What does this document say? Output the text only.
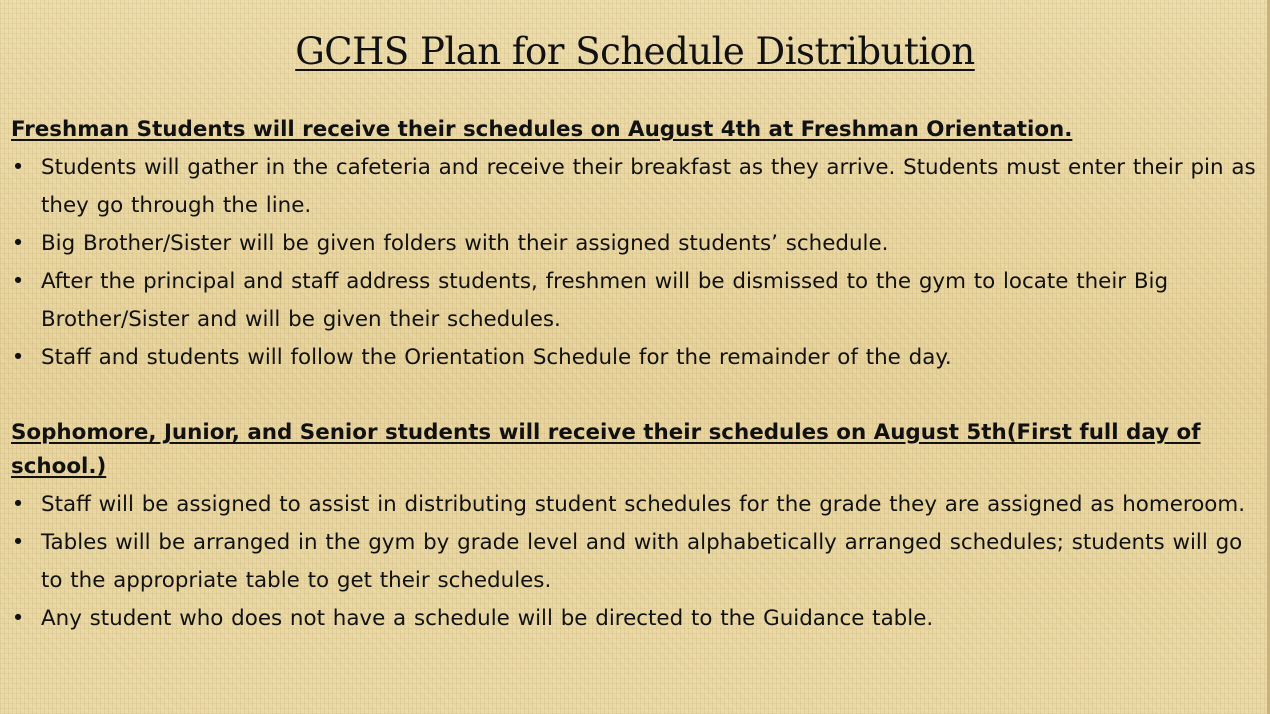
GCHS Plan for Schedule Distribution
Freshman Students will receive their schedules on August 4th at Freshman Orientation.
• Students will gather in the cafeteria and receive their breakfast as they arrive. Students must enter their pin as they go through the line.
• Big Brother/Sister will be given folders with their assigned students’ schedule.
• After the principal and staff address students, freshmen will be dismissed to the gym to locate their Big Brother/Sister and will be given their schedules.
• Staff and students will follow the Orientation Schedule for the remainder of the day.
Sophomore, Junior, and Senior students will receive their schedules on August 5th(First full day of school.)
• Staff will be assigned to assist in distributing student schedules for the grade they are assigned as homeroom.
• Tables will be arranged in the gym by grade level and with alphabetically arranged schedules; students will go to the appropriate table to get their schedules.
• Any student who does not have a schedule will be directed to the Guidance table.
